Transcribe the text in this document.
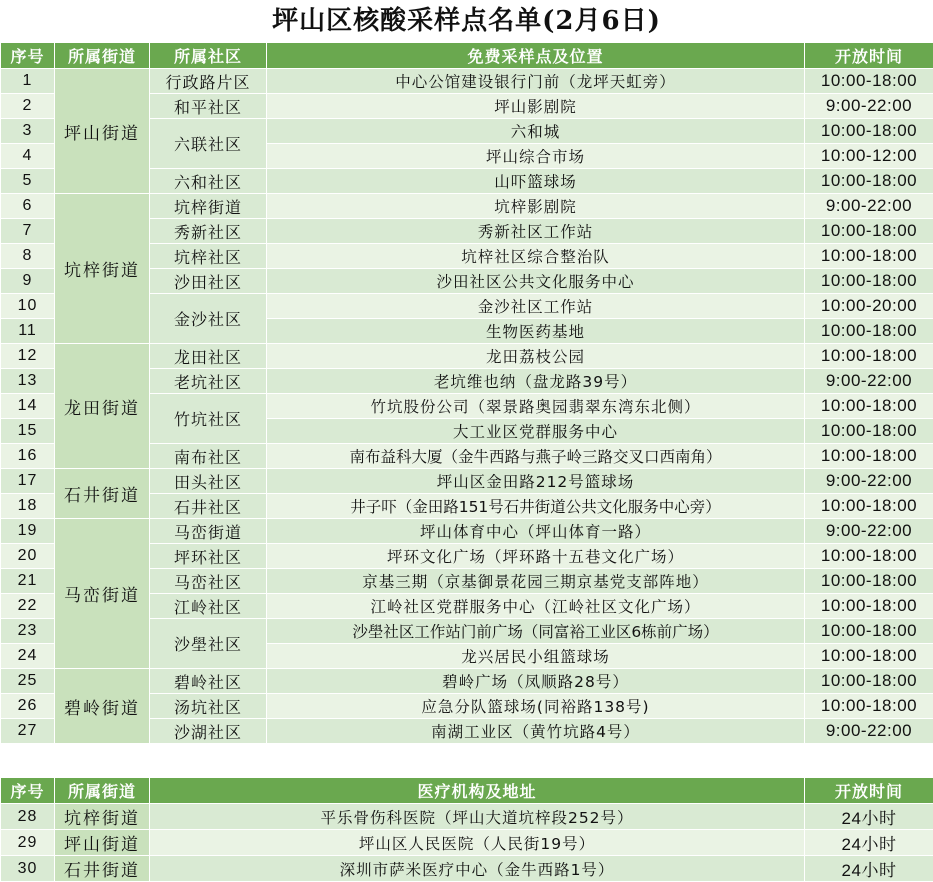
坪山区核酸采样点名单(2月6日)
序号	所属街道	所属社区	免费采样点及位置	开放时间
1	坪山街道	行政路片区	中心公馆建设银行门前（龙坪天虹旁）	10:00-18:00
2		和平社区	坪山影剧院	9:00-22:00
3		六联社区	六和城	10:00-18:00
4			坪山综合市场	10:00-12:00
5		六和社区	山吓篮球场	10:00-18:00
6	坑梓街道	坑梓街道	坑梓影剧院	9:00-22:00
7		秀新社区	秀新社区工作站	10:00-18:00
8		坑梓社区	坑梓社区综合整治队	10:00-18:00
9		沙田社区	沙田社区公共文化服务中心	10:00-18:00
10		金沙社区	金沙社区工作站	10:00-20:00
11			生物医药基地	10:00-18:00
12	龙田街道	龙田社区	龙田荔枝公园	10:00-18:00
13		老坑社区	老坑维也纳（盘龙路39号）	9:00-22:00
14		竹坑社区	竹坑股份公司（翠景路奥园翡翠东湾东北侧）	10:00-18:00
15			大工业区党群服务中心	10:00-18:00
16		南布社区	南布益科大厦（金牛西路与燕子岭三路交叉口西南角）	10:00-18:00
17	石井街道	田头社区	坪山区金田路212号篮球场	9:00-22:00
18		石井社区	井子吓（金田路151号石井街道公共文化服务中心旁）	10:00-18:00
19	马峦街道	马峦街道	坪山体育中心（坪山体育一路）	9:00-22:00
20		坪环社区	坪环文化广场（坪环路十五巷文化广场）	10:00-18:00
21		马峦社区	京基三期（京基御景花园三期京基党支部阵地）	10:00-18:00
22		江岭社区	江岭社区党群服务中心（江岭社区文化广场）	10:00-18:00
23		沙壆社区	沙壆社区工作站门前广场（同富裕工业区6栋前广场）	10:00-18:00
24			龙兴居民小组篮球场	10:00-18:00
25	碧岭街道	碧岭社区	碧岭广场（凤顺路28号）	10:00-18:00
26		汤坑社区	应急分队篮球场(同裕路138号)	10:00-18:00
27		沙湖社区	南湖工业区（黄竹坑路4号）	9:00-22:00
序号	所属街道	医疗机构及地址	开放时间
28	坑梓街道	平乐骨伤科医院（坪山大道坑梓段252号）	24小时
29	坪山街道	坪山区人民医院（人民街19号）	24小时
30	石井街道	深圳市萨米医疗中心（金牛西路1号）	24小时
